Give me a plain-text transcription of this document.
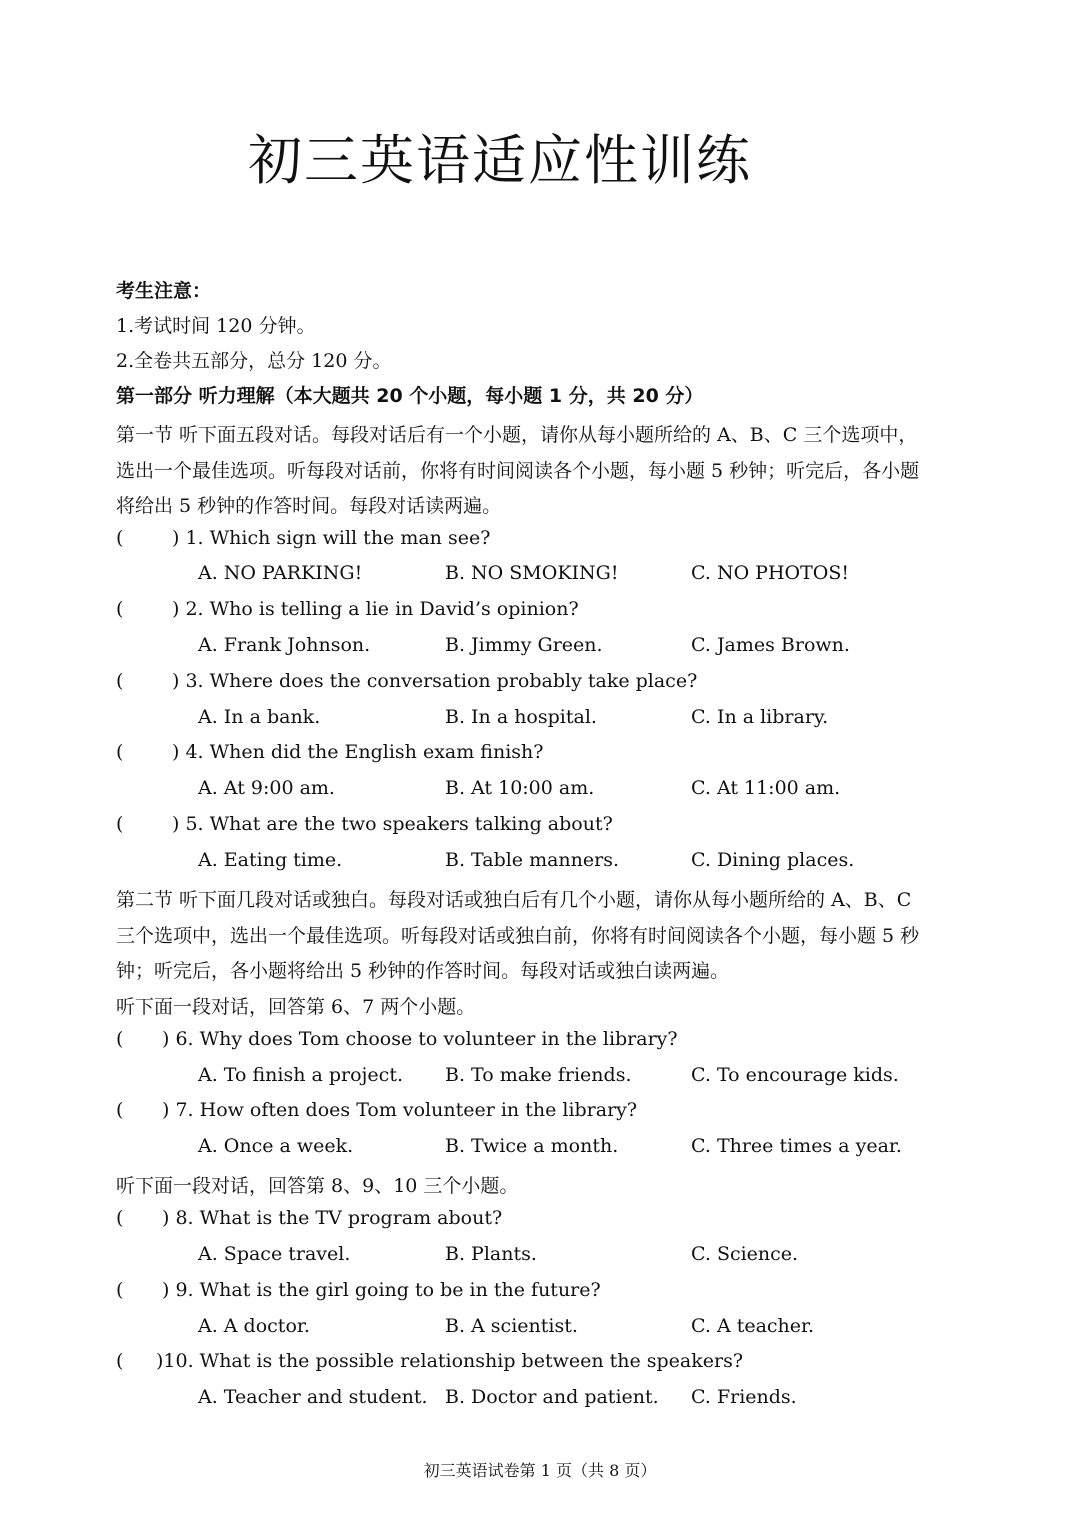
初三英语适应性训练
考生注意：
1.考试时间 120 分钟。
2.全卷共五部分，总分 120 分。
第一部分 听力理解（本大题共 20 个小题，每小题 1 分，共 20 分）
第一节 听下面五段对话。每段对话后有一个小题，请你从每小题所给的 A、B、C 三个选项中，
选出一个最佳选项。听每段对话前，你将有时间阅读各个小题，每小题 5 秒钟；听完后，各小题
将给出 5 秒钟的作答时间。每段对话读两遍。
(	) 1. Which sign will the man see?
A. NO PARKING!	B. NO SMOKING!	C. NO PHOTOS!
(	) 2. Who is telling a lie in David’s opinion?
A. Frank Johnson.	B. Jimmy Green.	C. James Brown.
(	) 3. Where does the conversation probably take place?
A. In a bank.	B. In a hospital.	C. In a library.
(	) 4. When did the English exam finish?
A. At 9:00 am.	B. At 10:00 am.	C. At 11:00 am.
(	) 5. What are the two speakers talking about?
A. Eating time.	B. Table manners.	C. Dining places.
第二节 听下面几段对话或独白。每段对话或独白后有几个小题，请你从每小题所给的 A、B、C
三个选项中，选出一个最佳选项。听每段对话或独白前，你将有时间阅读各个小题，每小题 5 秒
钟；听完后，各小题将给出 5 秒钟的作答时间。每段对话或独白读两遍。
听下面一段对话，回答第 6、7 两个小题。
( ) 6. Why does Tom choose to volunteer in the library?
A. To finish a project. B. To make friends.	C. To encourage kids.
( ) 7. How often does Tom volunteer in the library?
A. Once a week.	B. Twice a month.	C. Three times a year.
听下面一段对话，回答第 8、9、10 三个小题。
( ) 8. What is the TV program about?
A. Space travel.	B. Plants.	C. Science.
( ) 9. What is the girl going to be in the future?
A. A doctor.	B. A scientist.	C. A teacher.
( )10. What is the possible relationship between the speakers?
A. Teacher and student. B. Doctor and patient. C. Friends.
初三英语试卷第 1 页（共 8 页）
